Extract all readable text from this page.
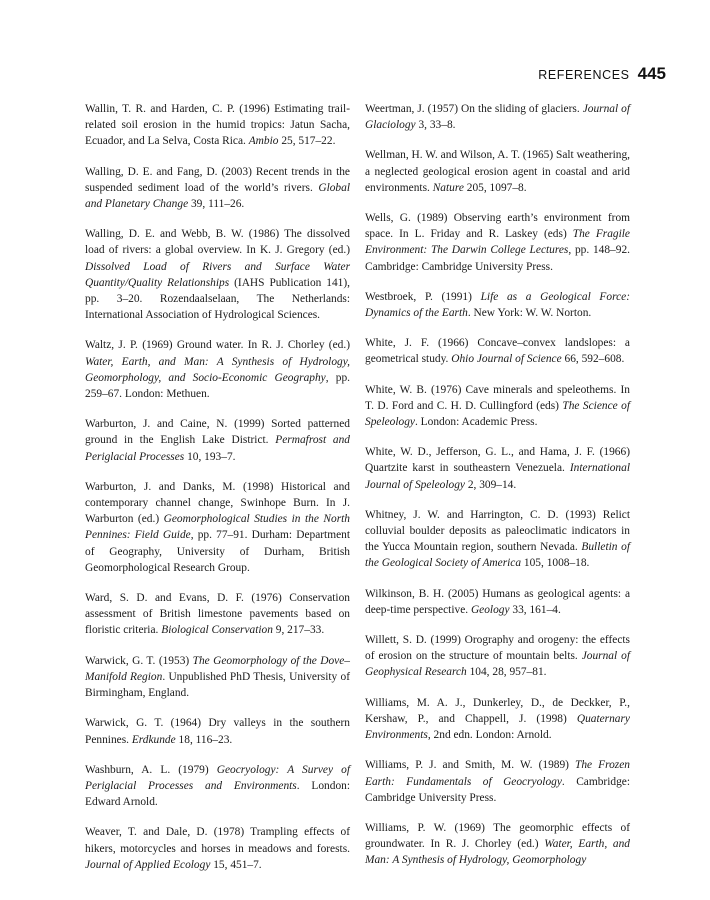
REFERENCES 445

Wallin, T. R. and Harden, C. P. (1996) Estimating trail-related soil erosion in the humid tropics: Jatun Sacha, Ecuador, and La Selva, Costa Rica. Ambio 25, 517–22.

Walling, D. E. and Fang, D. (2003) Recent trends in the suspended sediment load of the world’s rivers. Global and Planetary Change 39, 111–26.

Walling, D. E. and Webb, B. W. (1986) The dissolved load of rivers: a global overview. In K. J. Gregory (ed.) Dissolved Load of Rivers and Surface Water Quantity/Quality Relationships (IAHS Publication 141), pp. 3–20. Rozendaalselaan, The Netherlands: International Association of Hydrological Sciences.

Waltz, J. P. (1969) Ground water. In R. J. Chorley (ed.) Water, Earth, and Man: A Synthesis of Hydrology, Geomorphology, and Socio-Economic Geography, pp. 259–67. London: Methuen.

Warburton, J. and Caine, N. (1999) Sorted patterned ground in the English Lake District. Permafrost and Periglacial Processes 10, 193–7.

Warburton, J. and Danks, M. (1998) Historical and contemporary channel change, Swinhope Burn. In J. Warburton (ed.) Geomorphological Studies in the North Pennines: Field Guide, pp. 77–91. Durham: Department of Geography, University of Durham, British Geomorphological Research Group.

Ward, S. D. and Evans, D. F. (1976) Conservation assessment of British limestone pavements based on floristic criteria. Biological Conservation 9, 217–33.

Warwick, G. T. (1953) The Geomorphology of the Dove–Manifold Region. Unpublished PhD Thesis, University of Birmingham, England.

Warwick, G. T. (1964) Dry valleys in the southern Pennines. Erdkunde 18, 116–23.

Washburn, A. L. (1979) Geocryology: A Survey of Periglacial Processes and Environments. London: Edward Arnold.

Weaver, T. and Dale, D. (1978) Trampling effects of hikers, motorcycles and horses in meadows and forests. Journal of Applied Ecology 15, 451–7.

Weertman, J. (1957) On the sliding of glaciers. Journal of Glaciology 3, 33–8.

Wellman, H. W. and Wilson, A. T. (1965) Salt weathering, a neglected geological erosion agent in coastal and arid environments. Nature 205, 1097–8.

Wells, G. (1989) Observing earth’s environment from space. In L. Friday and R. Laskey (eds) The Fragile Environment: The Darwin College Lectures, pp. 148–92. Cambridge: Cambridge University Press.

Westbroek, P. (1991) Life as a Geological Force: Dynamics of the Earth. New York: W. W. Norton.

White, J. F. (1966) Concave–convex landslopes: a geometrical study. Ohio Journal of Science 66, 592–608.

White, W. B. (1976) Cave minerals and speleothems. In T. D. Ford and C. H. D. Cullingford (eds) The Science of Speleology. London: Academic Press.

White, W. D., Jefferson, G. L., and Hama, J. F. (1966) Quartzite karst in southeastern Venezuela. International Journal of Speleology 2, 309–14.

Whitney, J. W. and Harrington, C. D. (1993) Relict colluvial boulder deposits as paleoclimatic indicators in the Yucca Mountain region, southern Nevada. Bulletin of the Geological Society of America 105, 1008–18.

Wilkinson, B. H. (2005) Humans as geological agents: a deep-time perspective. Geology 33, 161–4.

Willett, S. D. (1999) Orography and orogeny: the effects of erosion on the structure of mountain belts. Journal of Geophysical Research 104, 28, 957–81.

Williams, M. A. J., Dunkerley, D., de Deckker, P., Kershaw, P., and Chappell, J. (1998) Quaternary Environments, 2nd edn. London: Arnold.

Williams, P. J. and Smith, M. W. (1989) The Frozen Earth: Fundamentals of Geocryology. Cambridge: Cambridge University Press.

Williams, P. W. (1969) The geomorphic effects of groundwater. In R. J. Chorley (ed.) Water, Earth, and Man: A Synthesis of Hydrology, Geomorphology
